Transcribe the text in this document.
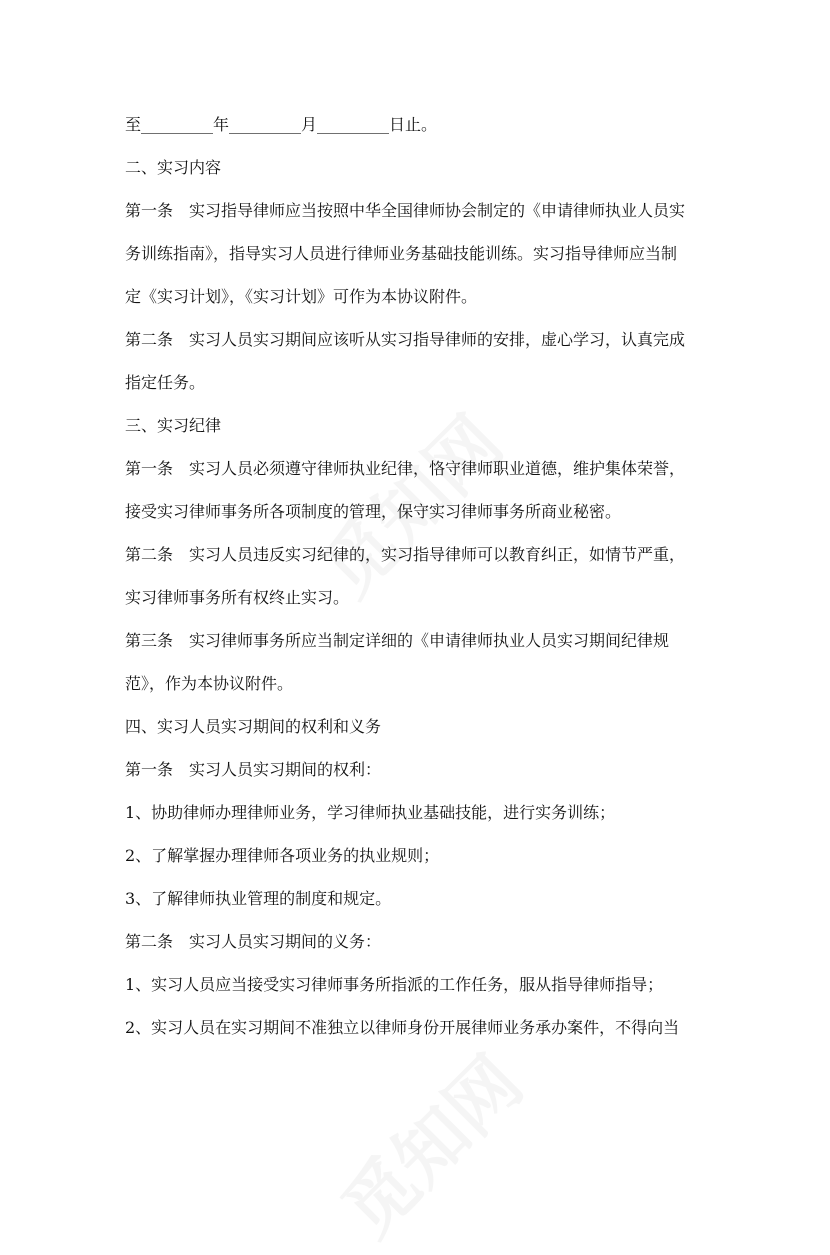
至_________年_________月_________日止。
二、实习内容
第一条　实习指导律师应当按照中华全国律师协会制定的《申请律师执业人员实
务训练指南》，指导实习人员进行律师业务基础技能训练。实习指导律师应当制
定《实习计划》，《实习计划》可作为本协议附件。
第二条　实习人员实习期间应该听从实习指导律师的安排，虚心学习，认真完成
指定任务。
三、实习纪律
第一条　实习人员必须遵守律师执业纪律，恪守律师职业道德，维护集体荣誉，
接受实习律师事务所各项制度的管理，保守实习律师事务所商业秘密。
第二条　实习人员违反实习纪律的，实习指导律师可以教育纠正，如情节严重，
实习律师事务所有权终止实习。
第三条　实习律师事务所应当制定详细的《申请律师执业人员实习期间纪律规
范》，作为本协议附件。
四、实习人员实习期间的权利和义务
第一条　实习人员实习期间的权利：
1、协助律师办理律师业务，学习律师执业基础技能，进行实务训练；
2、了解掌握办理律师各项业务的执业规则；
3、了解律师执业管理的制度和规定。
第二条　实习人员实习期间的义务：
1、实习人员应当接受实习律师事务所指派的工作任务，服从指导律师指导；
2、实习人员在实习期间不准独立以律师身份开展律师业务承办案件，不得向当
